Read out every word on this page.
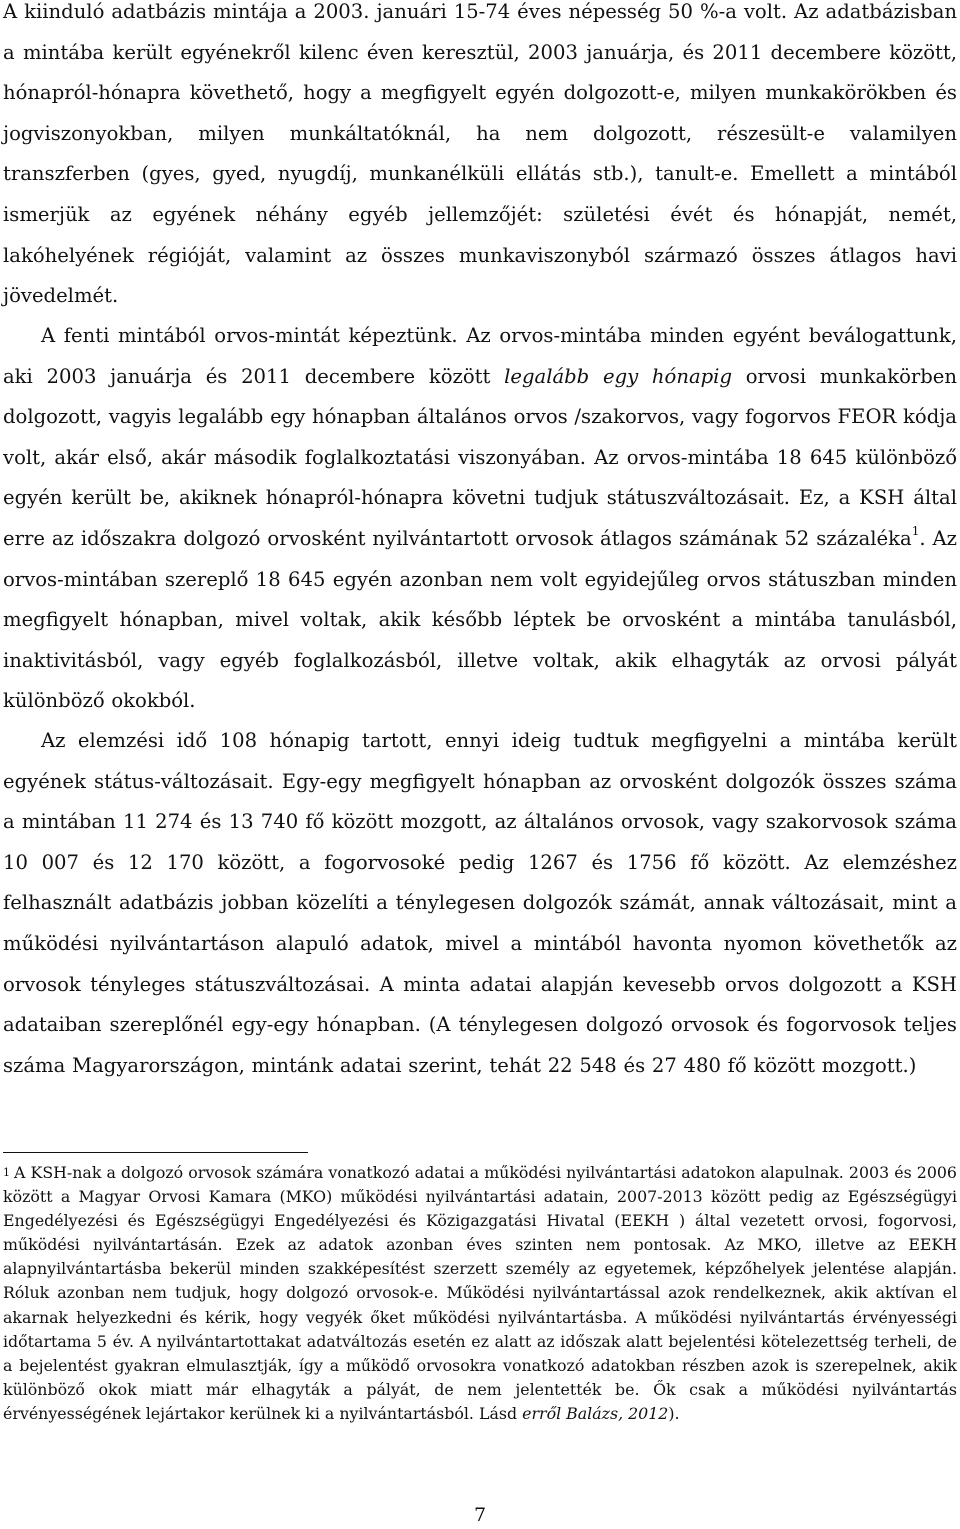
A kiinduló adatbázis mintája a 2003. januári 15-74 éves népesség 50 %-a volt. Az adatbázisban a mintába került egyénekről kilenc éven keresztül, 2003 januárja, és 2011 decembere között, hónapról-hónapra követhető, hogy a megfigyelt egyén dolgozott-e, milyen munkakörökben és jogviszonyokban, milyen munkáltatóknál, ha nem dolgozott, részesült-e valamilyen transzferben (gyes, gyed, nyugdíj, munkanélküli ellátás stb.), tanult-e. Emellett a mintából ismerjük az egyének néhány egyéb jellemzőjét: születési évét és hónapját, nemét, lakóhelyének régióját, valamint az összes munkaviszonyból származó összes átlagos havi jövedelmét.

A fenti mintából orvos-mintát képeztünk. Az orvos-mintába minden egyént beválogattunk, aki 2003 januárja és 2011 decembere között legalább egy hónapig orvosi munkakörben dolgozott, vagyis legalább egy hónapban általános orvos /szakorvos, vagy fogorvos FEOR kódja volt, akár első, akár második foglalkoztatási viszonyában. Az orvos-mintába 18 645 különböző egyén került be, akiknek hónapról-hónapra követni tudjuk státuszváltozásait. Ez, a KSH által erre az időszakra dolgozó orvosként nyilvántartott orvosok átlagos számának 52 százaléka$^1$. Az orvos-mintában szereplő 18 645 egyén azonban nem volt egyidejűleg orvos státuszban minden megfigyelt hónapban, mivel voltak, akik később léptek be orvosként a mintába tanulásból, inaktivitásból, vagy egyéb foglalkozásból, illetve voltak, akik elhagyták az orvosi pályát különböző okokból.

Az elemzési idő 108 hónapig tartott, ennyi ideig tudtuk megfigyelni a mintába került egyének státus-változásait. Egy-egy megfigyelt hónapban az orvosként dolgozók összes száma a mintában 11 274 és 13 740 fő között mozgott, az általános orvosok, vagy szakorvosok száma 10 007 és 12 170 között, a fogorvosoké pedig 1267 és 1756 fő között. Az elemzéshez felhasznált adatbázis jobban közelíti a ténylegesen dolgozók számát, annak változásait, mint a működési nyilvántartáson alapuló adatok, mivel a mintából havonta nyomon követhetők az orvosok tényleges státuszváltozásai. A minta adatai alapján kevesebb orvos dolgozott a KSH adataiban szereplőnél egy-egy hónapban. (A ténylegesen dolgozó orvosok és fogorvosok teljes száma Magyarországon, mintánk adatai szerint, tehát 22 548 és 27 480 fő között mozgott.)

1 A KSH-nak a dolgozó orvosok számára vonatkozó adatai a működési nyilvántartási adatokon alapulnak. 2003 és 2006 között a Magyar Orvosi Kamara (MKO) működési nyilvántartási adatain, 2007-2013 között pedig az Egészségügyi Engedélyezési és Egészségügyi Engedélyezési és Közigazgatási Hivatal (EEKH ) által vezetett orvosi, fogorvosi, működési nyilvántartásán. Ezek az adatok azonban éves szinten nem pontosak. Az MKO, illetve az EEKH alapnyilvántartásba bekerül minden szakképesítést szerzett személy az egyetemek, képzőhelyek jelentése alapján. Róluk azonban nem tudjuk, hogy dolgozó orvosok-e. Működési nyilvántartással azok rendelkeznek, akik aktívan el akarnak helyezkedni és kérik, hogy vegyék őket működési nyilvántartásba. A működési nyilvántartás érvényességi időtartama 5 év. A nyilvántartottakat adatváltozás esetén ez alatt az időszak alatt bejelentési kötelezettség terheli, de a bejelentést gyakran elmulasztják, így a működő orvosokra vonatkozó adatokban részben azok is szerepelnek, akik különböző okok miatt már elhagyták a pályát, de nem jelentették be. Ők csak a működési nyilvántartás érvényességének lejártakor kerülnek ki a nyilvántartásból. Lásd erről Balázs, 2012).

7
